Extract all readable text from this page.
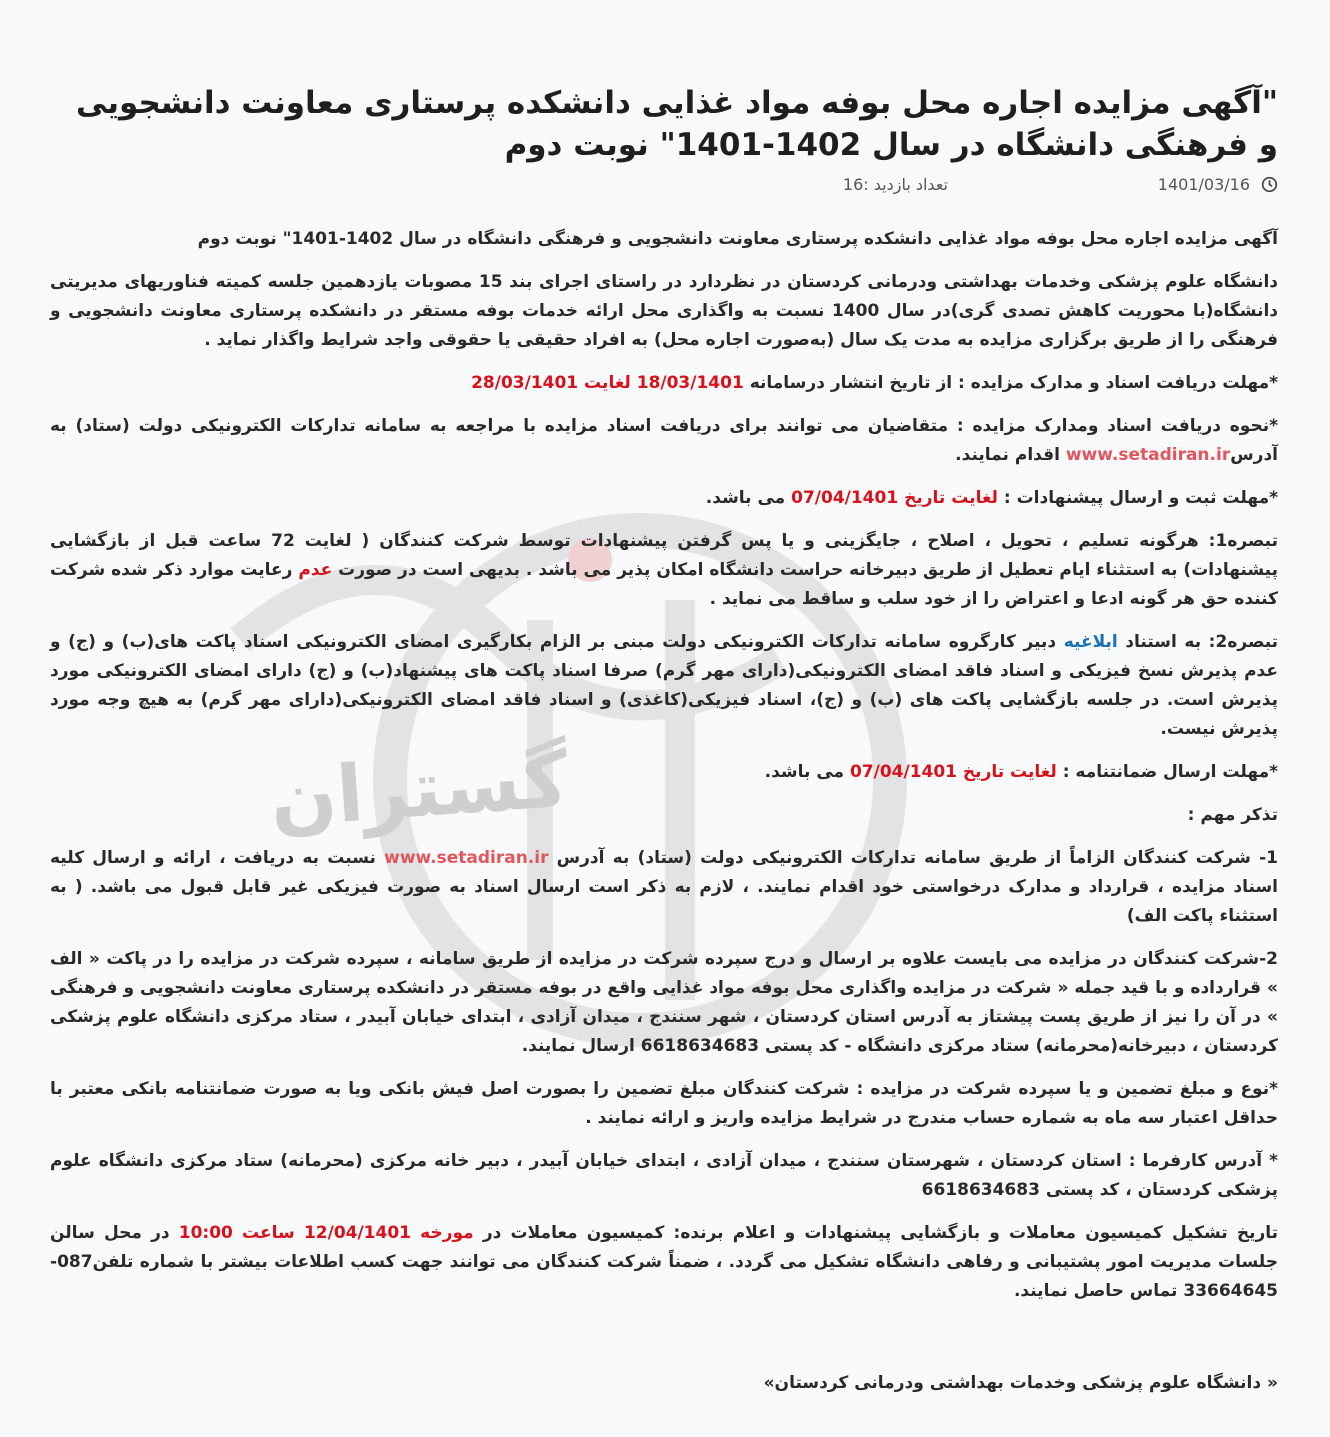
گستران
"آگهی مزایده اجاره محل بوفه مواد غذایی دانشکده پرستاری معاونت دانشجویی و فرهنگی دانشگاه در سال 1402-1401" نوبت دوم
1401/03/16
تعداد بازدید :16

آگهی مزایده اجاره محل بوفه مواد غذایی دانشکده پرستاری معاونت دانشجویی و فرهنگی دانشگاه در سال 1402-1401" نوبت دوم

دانشگاه علوم پزشکی وخدمات بهداشتی ودرمانی کردستان در نظردارد در راستای اجرای بند 15 مصوبات یازدهمین جلسه کمیته فناوریهای مدیریتی دانشگاه(با محوریت کاهش تصدی گری)در سال 1400 نسبت به واگذاری محل ارائه خدمات بوفه مستقر در دانشکده پرستاری معاونت دانشجویی و فرهنگی را از طریق برگزاری مزایده به مدت یک سال (به‌صورت اجاره محل) به افراد حقیقی یا حقوقی واجد شرایط واگذار نماید .

*مهلت دریافت اسناد و مدارک مزایده : از تاریخ انتشار درسامانه 18/03/1401 لغایت 28/03/1401

*نحوه دریافت اسناد ومدارک مزایده : متقاضیان می توانند برای دریافت اسناد مزایده با مراجعه به سامانه تدارکات الکترونیکی دولت (ستاد) به آدرسwww.setadiran.ir اقدام نمایند.

*مهلت ثبت و ارسال پیشنهادات : لغایت تاریخ 07/04/1401 می باشد.

تبصره1: هرگونه تسلیم ، تحویل ، اصلاح ، جایگزینی و یا پس گرفتن پیشنهادات توسط شرکت کنندگان ( لغایت 72 ساعت قبل از بازگشایی پیشنهادات) به استثناء ایام تعطیل از طریق دبیرخانه حراست دانشگاه امکان پذیر می باشد . بدیهی است در صورت عدم رعایت موارد ذکر شده شرکت کننده حق هر گونه ادعا و اعتراض را از خود سلب و ساقط می نماید .

تبصره2: به استناد ابلاغیه دبیر کارگروه سامانه تدارکات الکترونیکی دولت مبنی بر الزام بکارگیری امضای الکترونیکی اسناد پاکت های(ب) و (ج) و عدم پذیرش نسخ فیزیکی و اسناد فاقد امضای الکترونیکی(دارای مهر گرم) صرفا اسناد پاکت های پیشنهاد(ب) و (ج) دارای امضای الکترونیکی مورد پذیرش است. در جلسه بازگشایی پاکت های (ب) و (ج)، اسناد فیزیکی(کاغذی) و اسناد فاقد امضای الکترونیکی(دارای مهر گرم) به هیچ وجه مورد پذیرش نیست.

*مهلت ارسال ضمانتنامه : لغایت تاریخ 07/04/1401 می باشد.

تذکر مهم :

1- شرکت کنندگان الزاماً از طریق سامانه تدارکات الکترونیکی دولت (ستاد) به آدرس www.setadiran.ir نسبت به دریافت ، ارائه و ارسال کلیه اسناد مزایده ، قرارداد و مدارک درخواستی خود اقدام نمایند. ، لازم به ذکر است ارسال اسناد به صورت فیزیکی غیر قابل قبول می باشد. ( به استثناء پاکت الف)

2-شرکت کنندگان در مزایده می بایست علاوه بر ارسال و درج سپرده شرکت در مزایده از طریق سامانه ، سپرده شرکت در مزایده را در پاکت « الف » قرارداده و با قید جمله « شرکت در مزایده واگذاری محل بوفه مواد غذایی واقع در بوفه مستقر در دانشکده پرستاری معاونت دانشجویی و فرهنگی » در آن را نیز از طریق پست پیشتاز به آدرس استان کردستان ، شهر سنندج ، میدان آزادی ، ابتدای خیابان آبیدر ، ستاد مرکزی دانشگاه علوم پزشکی کردستان ، دبیرخانه(محرمانه) ستاد مرکزی دانشگاه - کد پستی 6618634683 ارسال نمایند.

*نوع و مبلغ تضمین و یا سپرده شرکت در مزایده : شرکت کنندگان مبلغ تضمین را بصورت اصل فیش بانکی ویا به صورت ضمانتنامه بانکی معتبر با حداقل اعتبار سه ماه به شماره حساب مندرج در شرایط مزایده واریز و ارائه نمایند .

* آدرس کارفرما : استان کردستان ، شهرستان سنندج ، میدان آزادی ، ابتدای خیابان آبیدر ، دبیر خانه مرکزی (محرمانه) ستاد مرکزی دانشگاه علوم پزشکی کردستان ، کد پستی 6618634683

تاریخ تشکیل کمیسیون معاملات و بازگشایی پیشنهادات و اعلام برنده: کمیسیون معاملات در مورخه 12/04/1401 ساعت 10:00 در محل سالن جلسات مدیریت امور پشتیبانی و رفاهی دانشگاه تشکیل می گردد. ، ضمناً شرکت کنندگان می توانند جهت کسب اطلاعات بیشتر با شماره تلفن087-33664645 تماس حاصل نمایند.

« دانشگاه علوم پزشکی وخدمات بهداشتی ودرمانی کردستان»
